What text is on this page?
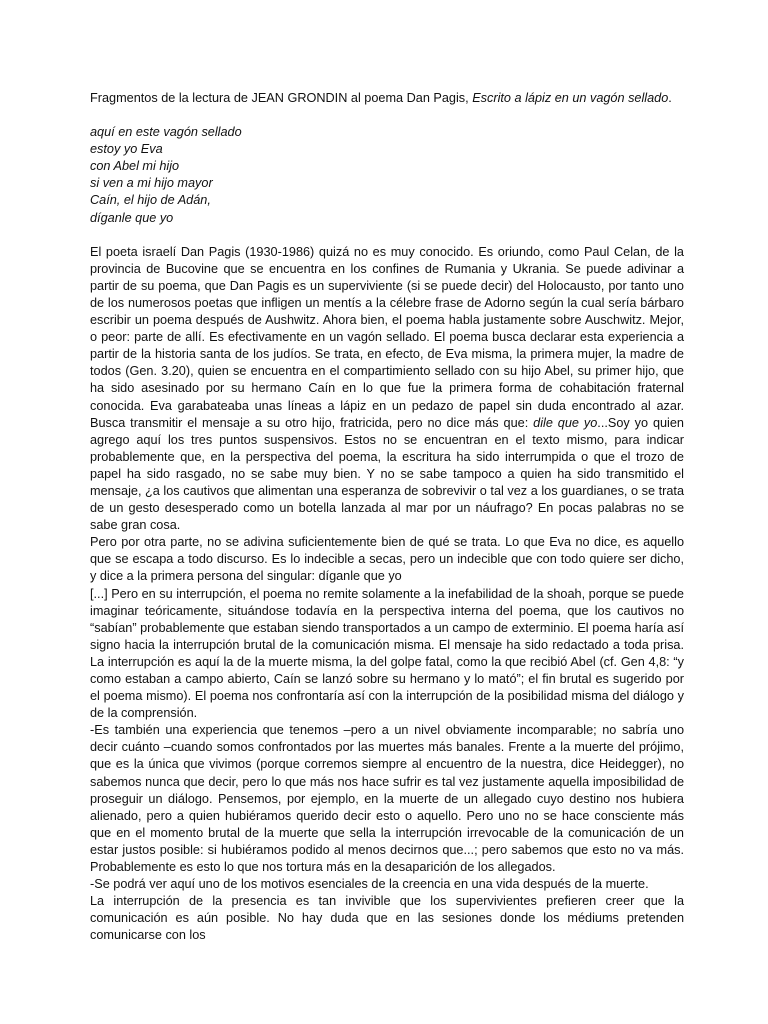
Fragmentos de la lectura de JEAN GRONDIN al poema Dan Pagis, Escrito a lápiz en un vagón sellado.

aquí en este vagón sellado
estoy yo Eva
con Abel mi hijo
si ven a mi hijo mayor
Caín, el hijo de Adán,
díganle que yo

El poeta israelí Dan Pagis (1930-1986) quizá no es muy conocido. Es oriundo, como Paul Celan, de la provincia de Bucovine que se encuentra en los confines de Rumania y Ukrania. Se puede adivinar a partir de su poema, que Dan Pagis es un superviviente (si se puede decir) del Holocausto, por tanto uno de los numerosos poetas que infligen un mentís a la célebre frase de Adorno según la cual sería bárbaro escribir un poema después de Aushwitz. Ahora bien, el poema habla justamente sobre Auschwitz. Mejor, o peor: parte de allí. Es efectivamente en un vagón sellado. El poema busca declarar esta experiencia a partir de la historia santa de los judíos. Se trata, en efecto, de Eva misma, la primera mujer, la madre de todos (Gen. 3.20), quien se encuentra en el compartimiento sellado con su hijo Abel, su primer hijo, que ha sido asesinado por su hermano Caín en lo que fue la primera forma de cohabitación fraternal conocida. Eva garabateaba unas líneas a lápiz en un pedazo de papel sin duda encontrado al azar. Busca transmitir el mensaje a su otro hijo, fratricida, pero no dice más que: dile que yo...Soy yo quien agrego aquí los tres puntos suspensivos. Estos no se encuentran en el texto mismo, para indicar probablemente que, en la perspectiva del poema, la escritura ha sido interrumpida o que el trozo de papel ha sido rasgado, no se sabe muy bien. Y no se sabe tampoco a quien ha sido transmitido el mensaje, ¿a los cautivos que alimentan una esperanza de sobrevivir o tal vez a los guardianes, o se trata de un gesto desesperado como un botella lanzada al mar por un náufrago? En pocas palabras no se sabe gran cosa.

Pero por otra parte, no se adivina suficientemente bien de qué se trata. Lo que Eva no dice, es aquello que se escapa a todo discurso. Es lo indecible a secas, pero un indecible que con todo quiere ser dicho, y dice a la primera persona del singular: díganle que yo

[...] Pero en su interrupción, el poema no remite solamente a la inefabilidad de la shoah, porque se puede imaginar teóricamente, situándose todavía en la perspectiva interna del poema, que los cautivos no “sabían” probablemente que estaban siendo transportados a un campo de exterminio. El poema haría así signo hacia la interrupción brutal de la comunicación misma. El mensaje ha sido redactado a toda prisa. La interrupción es aquí la de la muerte misma, la del golpe fatal, como la que recibió Abel (cf. Gen 4,8: “y como estaban a campo abierto, Caín se lanzó sobre su hermano y lo mató”; el fin brutal es sugerido por el poema mismo). El poema nos confrontaría así con la interrupción de la posibilidad misma del diálogo y de la comprensión.

-Es también una experiencia que tenemos –pero a un nivel obviamente incomparable; no sabría uno decir cuánto –cuando somos confrontados por las muertes más banales. Frente a la muerte del prójimo, que es la única que vivimos (porque corremos siempre al encuentro de la nuestra, dice Heidegger), no sabemos nunca que decir, pero lo que más nos hace sufrir es tal vez justamente aquella imposibilidad de proseguir un diálogo. Pensemos, por ejemplo, en la muerte de un allegado cuyo destino nos hubiera alienado, pero a quien hubiéramos querido decir esto o aquello. Pero uno no se hace consciente más que en el momento brutal de la muerte que sella la interrupción irrevocable de la comunicación de un estar justos posible: si hubiéramos podido al menos decirnos que...; pero sabemos que esto no va más. Probablemente es esto lo que nos tortura más en la desaparición de los allegados.

-Se podrá ver aquí uno de los motivos esenciales de la creencia en una vida después de la muerte.

La interrupción de la presencia es tan invivible que los supervivientes prefieren creer que la comunicación es aún posible. No hay duda que en las sesiones donde los médiums pretenden comunicarse con los
